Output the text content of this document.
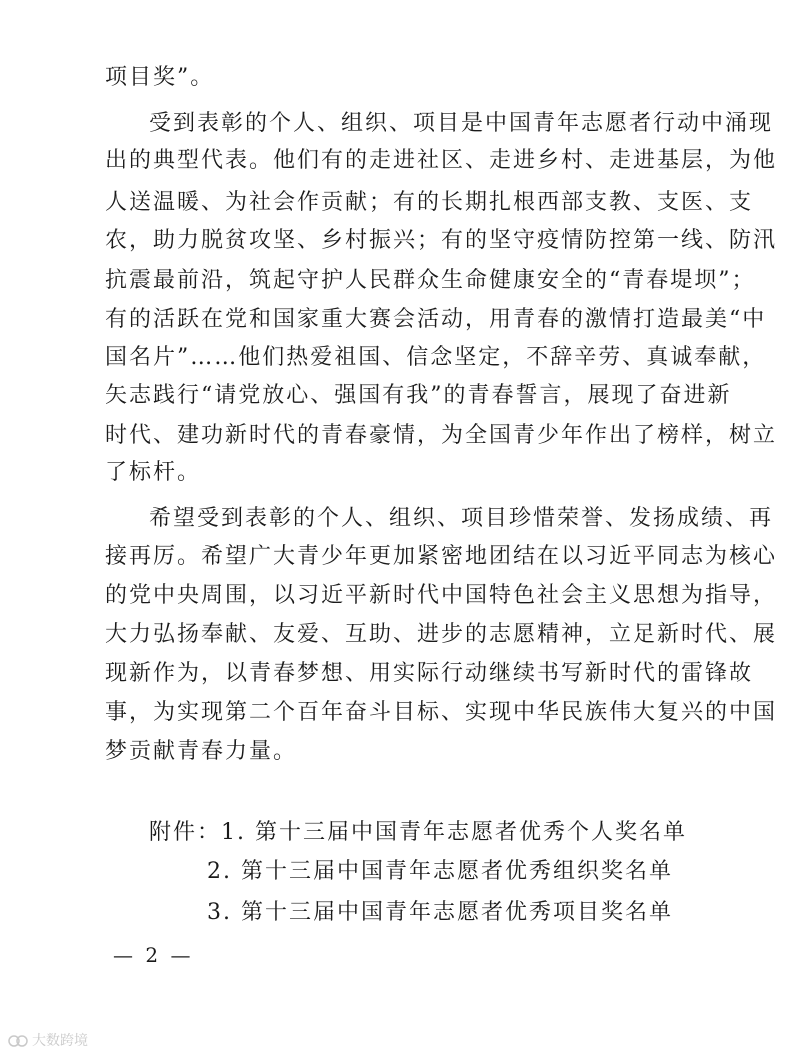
项目奖”。
受到表彰的个人、组织、项目是中国青年志愿者行动中涌现
出的典型代表。他们有的走进社区、走进乡村、走进基层，为他
人送温暖、为社会作贡献；有的长期扎根西部支教、支医、支
农，助力脱贫攻坚、乡村振兴；有的坚守疫情防控第一线、防汛
抗震最前沿，筑起守护人民群众生命健康安全的“青春堤坝”；
有的活跃在党和国家重大赛会活动，用青春的激情打造最美“中
国名片”……他们热爱祖国、信念坚定，不辞辛劳、真诚奉献，
矢志践行“请党放心、强国有我”的青春誓言，展现了奋进新
时代、建功新时代的青春豪情，为全国青少年作出了榜样，树立
了标杆。
希望受到表彰的个人、组织、项目珍惜荣誉、发扬成绩、再
接再厉。希望广大青少年更加紧密地团结在以习近平同志为核心
的党中央周围，以习近平新时代中国特色社会主义思想为指导，
大力弘扬奉献、友爱、互助、进步的志愿精神，立足新时代、展
现新作为，以青春梦想、用实际行动继续书写新时代的雷锋故
事，为实现第二个百年奋斗目标、实现中华民族伟大复兴的中国
梦贡献青春力量。
附件：1. 第十三届中国青年志愿者优秀个人奖名单
2. 第十三届中国青年志愿者优秀组织奖名单
3. 第十三届中国青年志愿者优秀项目奖名单
— 2 —
大数跨境
